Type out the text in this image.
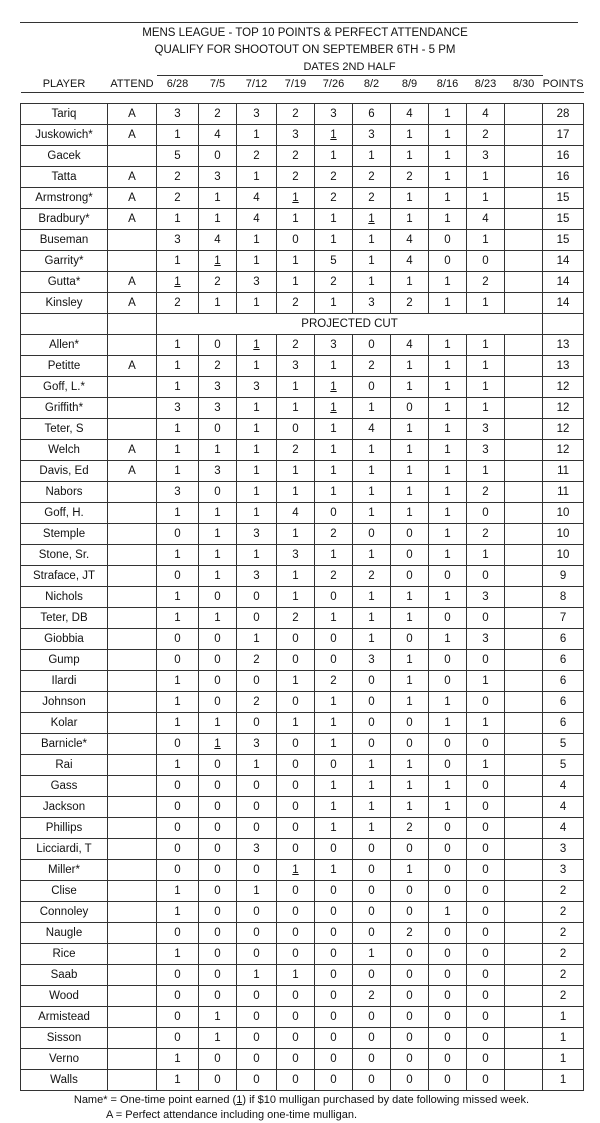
MENS LEAGUE - TOP 10 POINTS & PERFECT ATTENDANCE
QUALIFY FOR SHOOTOUT ON SEPTEMBER 6TH - 5 PM
		DATES 2ND HALF										
PLAYER	ATTEND	6/28	7/5	7/12	7/19	7/26	8/2	8/9	8/16	8/23	8/30	POINTS

Tariq	A	3	2	3	2	3	6	4	1	4		28
Juskowich*	A	1	4	1	3	1	3	1	1	2		17
Gacek		5	0	2	2	1	1	1	1	3		16
Tatta	A	2	3	1	2	2	2	2	1	1		16
Armstrong*	A	2	1	4	1	2	2	1	1	1		15
Bradbury*	A	1	1	4	1	1	1	1	1	4		15
Buseman		3	4	1	0	1	1	4	0	1		15
Garrity*		1	1	1	1	5	1	4	0	0		14
Gutta*	A	1	2	3	1	2	1	1	1	2		14
Kinsley	A	2	1	1	2	1	3	2	1	1		14
		PROJECTED CUT										
Allen*		1	0	1	2	3	0	4	1	1		13
Petitte	A	1	2	1	3	1	2	1	1	1		13
Goff, L.*		1	3	3	1	1	0	1	1	1		12
Griffith*		3	3	1	1	1	1	0	1	1		12
Teter, S		1	0	1	0	1	4	1	1	3		12
Welch	A	1	1	1	2	1	1	1	1	3		12
Davis, Ed	A	1	3	1	1	1	1	1	1	1		11
Nabors		3	0	1	1	1	1	1	1	2		11
Goff, H.		1	1	1	4	0	1	1	1	0		10
Stemple		0	1	3	1	2	0	0	1	2		10
Stone, Sr.		1	1	1	3	1	1	0	1	1		10
Straface, JT		0	1	3	1	2	2	0	0	0		9
Nichols		1	0	0	1	0	1	1	1	3		8
Teter, DB		1	1	0	2	1	1	1	0	0		7
Giobbia		0	0	1	0	0	1	0	1	3		6
Gump		0	0	2	0	0	3	1	0	0		6
Ilardi		1	0	0	1	2	0	1	0	1		6
Johnson		1	0	2	0	1	0	1	1	0		6
Kolar		1	1	0	1	1	0	0	1	1		6
Barnicle*		0	1	3	0	1	0	0	0	0		5
Rai		1	0	1	0	0	1	1	0	1		5
Gass		0	0	0	0	1	1	1	1	0		4
Jackson		0	0	0	0	1	1	1	1	0		4
Phillips		0	0	0	0	1	1	2	0	0		4
Licciardi, T		0	0	3	0	0	0	0	0	0		3
Miller*		0	0	0	1	1	0	1	0	0		3
Clise		1	0	1	0	0	0	0	0	0		2
Connoley		1	0	0	0	0	0	0	1	0		2
Naugle		0	0	0	0	0	0	2	0	0		2
Rice		1	0	0	0	0	1	0	0	0		2
Saab		0	0	1	1	0	0	0	0	0		2
Wood		0	0	0	0	0	2	0	0	0		2
Armistead		0	1	0	0	0	0	0	0	0		1
Sisson		0	1	0	0	0	0	0	0	0		1
Verno		1	0	0	0	0	0	0	0	0		1
Walls		1	0	0	0	0	0	0	0	0		1
Name* = One-time point earned (1) if $10 mulligan purchased by date following missed week.
A = Perfect attendance including one-time mulligan.
